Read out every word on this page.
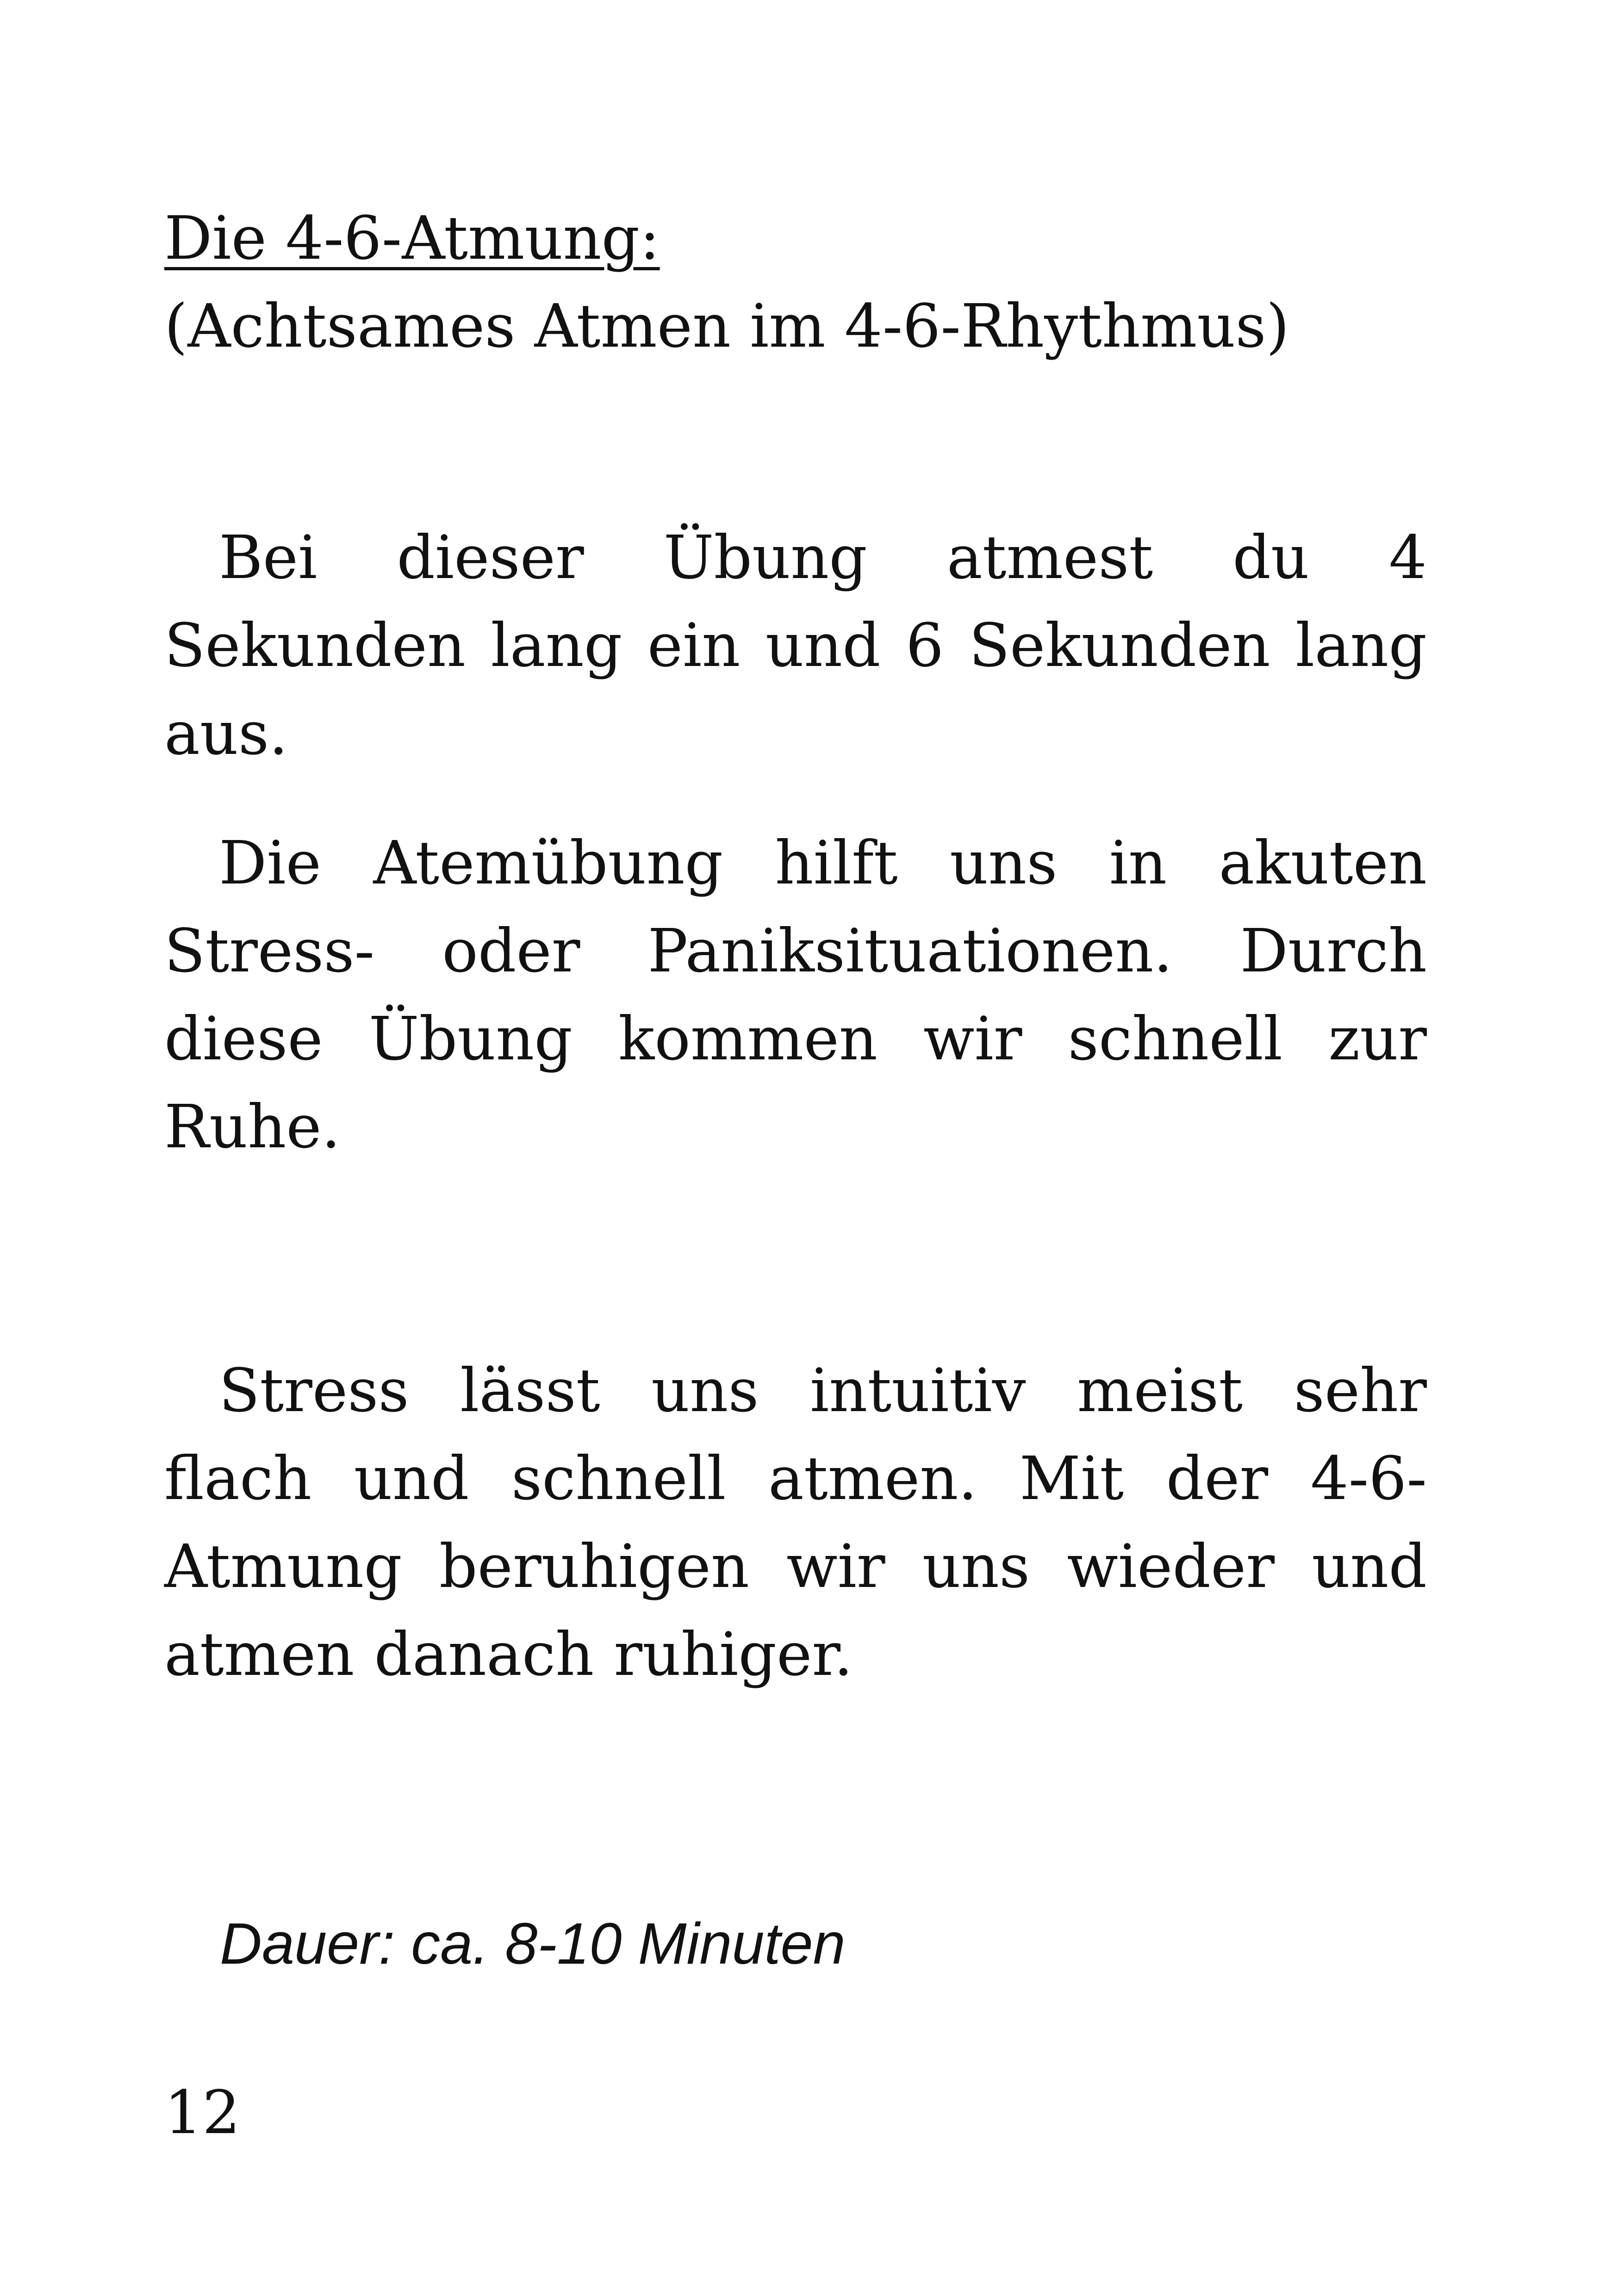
Die 4-6-Atmung:

(Achtsames Atmen im 4-6-Rhythmus)

Bei dieser Übung atmest du 4 Sekunden lang ein und 6 Sekunden lang aus.

Die Atemübung hilft uns in akuten Stress- oder Paniksituationen. Durch diese Übung kommen wir schnell zur Ruhe.

Stress lässt uns intuitiv meist sehr flach und schnell atmen. Mit der 4-6-Atmung beruhigen wir uns wieder und atmen danach ruhiger.

Dauer: ca. 8-10 Minuten

12
